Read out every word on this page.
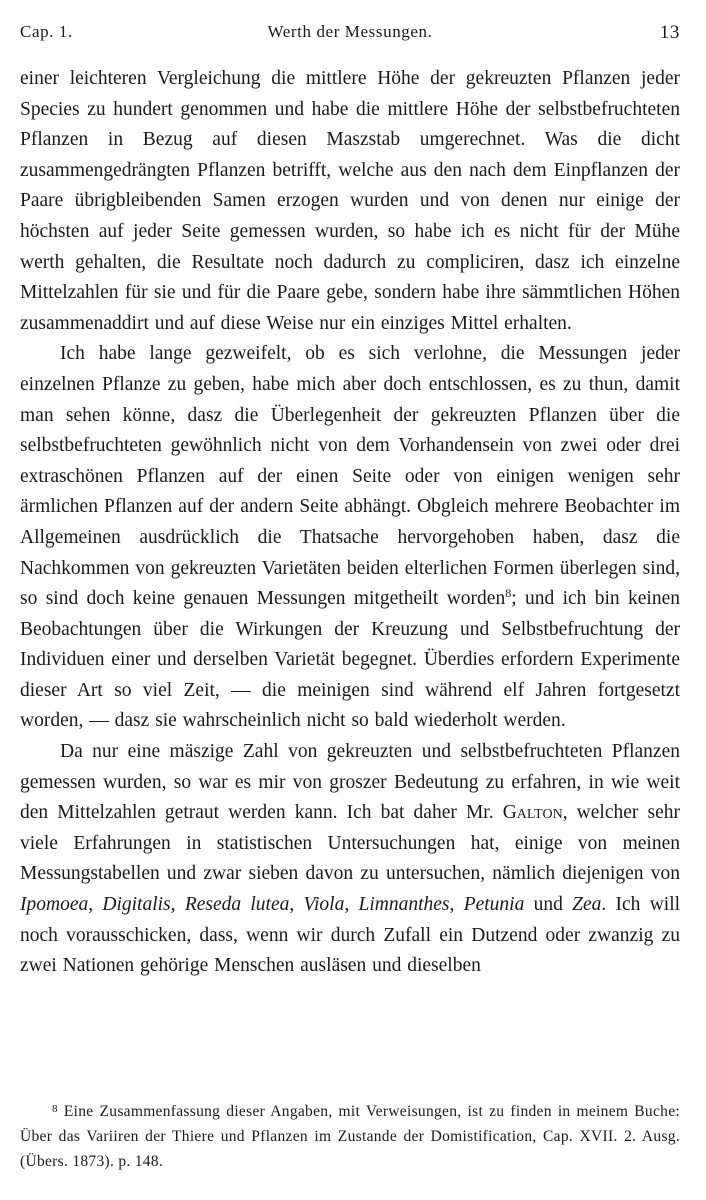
Cap. 1.	Werth der Messungen.	13

einer leichteren Vergleichung die mittlere Höhe der gekreuzten Pflanzen jeder Species zu hundert genommen und habe die mittlere Höhe der selbstbefruchteten Pflanzen in Bezug auf diesen Maszstab umgerechnet. Was die dicht zusammengedrängten Pflanzen betrifft, welche aus den nach dem Einpflanzen der Paare übrigbleibenden Samen erzogen wurden und von denen nur einige der höchsten auf jeder Seite gemessen wurden, so habe ich es nicht für der Mühe werth gehalten, die Resultate noch dadurch zu compliciren, dasz ich einzelne Mittelzahlen für sie und für die Paare gebe, sondern habe ihre sämmtlichen Höhen zusammenaddirt und auf diese Weise nur ein einziges Mittel erhalten.

Ich habe lange gezweifelt, ob es sich verlohne, die Messungen jeder einzelnen Pflanze zu geben, habe mich aber doch entschlossen, es zu thun, damit man sehen könne, dasz die Überlegenheit der gekreuzten Pflanzen über die selbstbefruchteten gewöhnlich nicht von dem Vorhandensein von zwei oder drei extraschönen Pflanzen auf der einen Seite oder von einigen wenigen sehr ärmlichen Pflanzen auf der andern Seite abhängt. Obgleich mehrere Beobachter im Allgemeinen ausdrücklich die Thatsache hervorgehoben haben, dasz die Nachkommen von gekreuzten Varietäten beiden elterlichen Formen überlegen sind, so sind doch keine genauen Messungen mitgetheilt worden$^8$; und ich bin keinen Beobachtungen über die Wirkungen der Kreuzung und Selbstbefruchtung der Individuen einer und derselben Varietät begegnet. Überdies erfordern Experimente dieser Art so viel Zeit, — die meinigen sind während elf Jahren fortgesetzt worden, — dasz sie wahrscheinlich nicht so bald wiederholt werden.

Da nur eine mäszige Zahl von gekreuzten und selbstbefruchteten Pflanzen gemessen wurden, so war es mir von groszer Bedeutung zu erfahren, in wie weit den Mittelzahlen getraut werden kann. Ich bat daher Mr. Galton, welcher sehr viele Erfahrungen in statistischen Untersuchungen hat, einige von meinen Messungstabellen und zwar sieben davon zu untersuchen, nämlich diejenigen von Ipomoea, Digitalis, Reseda lutea, Viola, Limnanthes, Petunia und Zea. Ich will noch vorausschicken, dass, wenn wir durch Zufall ein Dutzend oder zwanzig zu zwei Nationen gehörige Menschen ausläsen und dieselben

$^8$ Eine Zusammenfassung dieser Angaben, mit Verweisungen, ist zu finden in meinem Buche: Über das Variiren der Thiere und Pflanzen im Zustande der Domistification, Cap. XVII. 2. Ausg. (Übers. 1873). p. 148.
